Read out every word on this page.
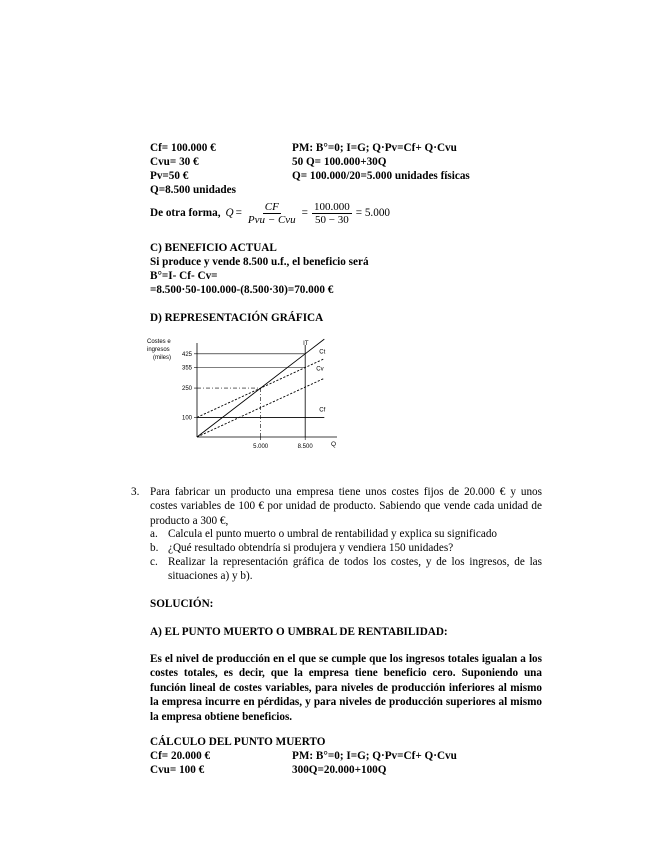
Cf= 100.000 €
Cvu= 30 €
Pv=50 €
Q=8.500 unidades
PM: B°=0; I=G; Q·Pv=Cf+ Q·Cvu
50 Q= 100.000+30Q
Q= 100.000/20=5.000 unidades físicas
De otra forma, $Q = \frac{CF}{\text{Pvu − Cvu}} = \frac{100.000}{50 - 30} = 5.000$
C) BENEFICIO ACTUAL
Si produce y vende 8.500 u.f., el beneficio será
B°=I- Cf- Cv=
=8.500·50-100.000-(8.500·30)=70.000 €
D) REPRESENTACIÓN GRÁFICA
Costes e
ingresos
(miles)
Q
425
355
250
100
5.000	8.500
IT
Ct
Cv
Cf
3. Para fabricar un producto una empresa tiene unos costes fijos de 20.000 € y unos costes variables de 100 € por unidad de producto. Sabiendo que vende cada unidad de producto a 300 €,
a. Calcula el punto muerto o umbral de rentabilidad y explica su significado
b. ¿Qué resultado obtendría si produjera y vendiera 150 unidades?
c. Realizar la representación gráfica de todos los costes, y de los ingresos, de las situaciones a) y b).
SOLUCIÓN:
A) EL PUNTO MUERTO O UMBRAL DE RENTABILIDAD:
Es el nivel de producción en el que se cumple que los ingresos totales igualan a los costes totales, es decir, que la empresa tiene beneficio cero. Suponiendo una función lineal de costes variables, para niveles de producción inferiores al mismo la empresa incurre en pérdidas, y para niveles de producción superiores al mismo la empresa obtiene beneficios.
CÁLCULO DEL PUNTO MUERTO
Cf= 20.000 €
Cvu= 100 €
PM: B°=0; I=G; Q·Pv=Cf+ Q·Cvu
300Q=20.000+100Q
